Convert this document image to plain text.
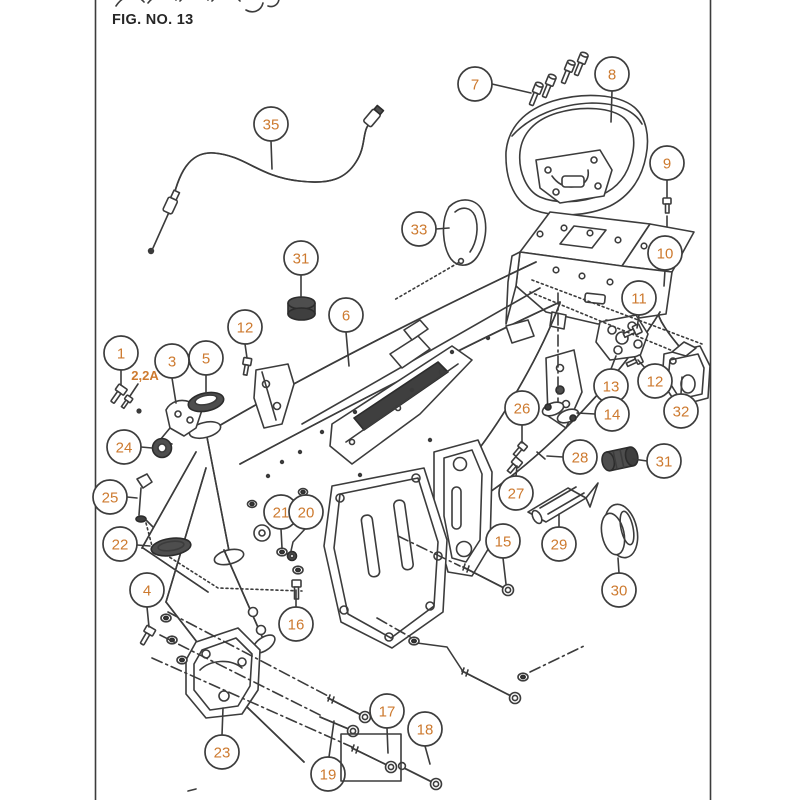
7
8
9
35
33
31	10
11
6
12
1	3 5
13 12
32
24
26	14
28	31
25	27
21 20
22	15	29
30
4
16
23
17
18
19
2,2A
FIG. NO. 13
